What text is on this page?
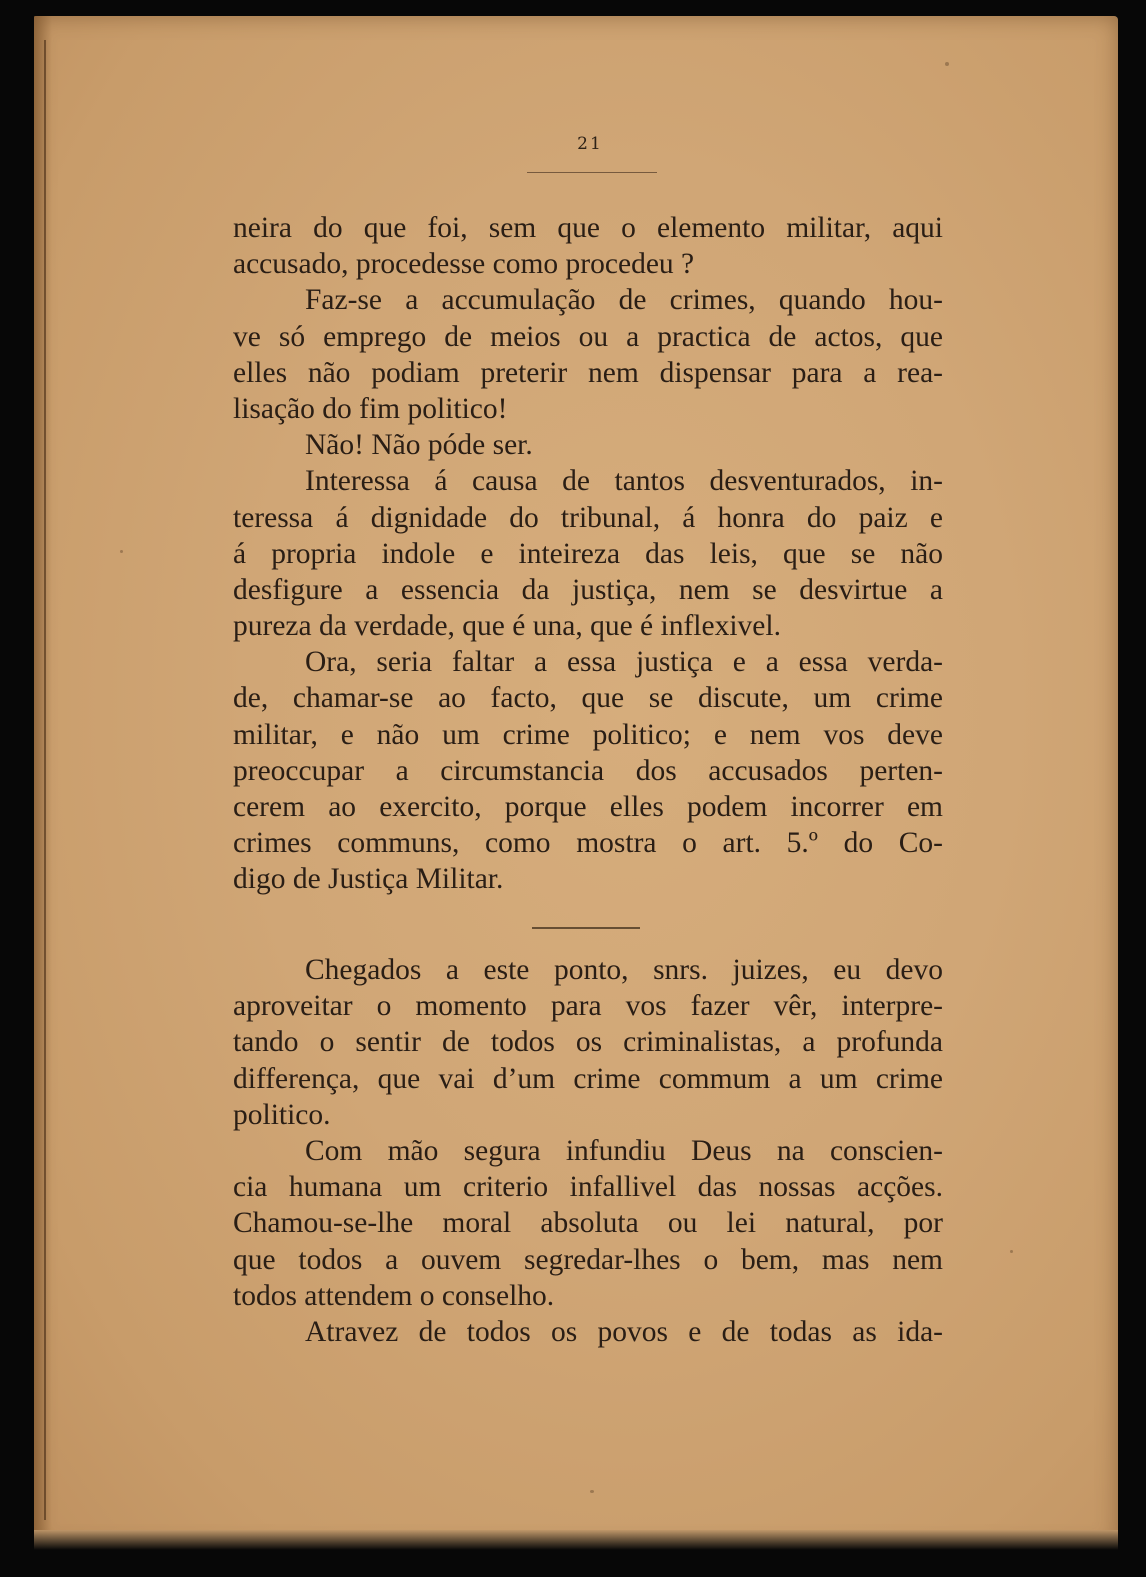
21
neira do que foi, sem que o elemento militar, aqui
accusado, procedesse como procedeu ?
Faz-se a accumulação de crimes, quando hou-
ve só emprego de meios ou a practica de actos, que
elles não podiam preterir nem dispensar para a rea-
lisação do fim politico!
Não! Não póde ser.
Interessa á causa de tantos desventurados, in-
teressa á dignidade do tribunal, á honra do paiz e
á propria indole e inteireza das leis, que se não
desfigure a essencia da justiça, nem se desvirtue a
pureza da verdade, que é una, que é inflexivel.
Ora, seria faltar a essa justiça e a essa verda-
de, chamar-se ao facto, que se discute, um crime
militar, e não um crime politico; e nem vos deve
preoccupar a circumstancia dos accusados perten-
cerem ao exercito, porque elles podem incorrer em
crimes communs, como mostra o art. 5.º do Co-
digo de Justiça Militar.
Chegados a este ponto, snrs. juizes, eu devo
aproveitar o momento para vos fazer vêr, interpre-
tando o sentir de todos os criminalistas, a profunda
differença, que vai d’um crime commum a um crime
politico.
Com mão segura infundiu Deus na conscien-
cia humana um criterio infallivel das nossas acções.
Chamou-se-lhe moral absoluta ou lei natural, por
que todos a ouvem segredar-lhes o bem, mas nem
todos attendem o conselho.
Atravez de todos os povos e de todas as ida-
